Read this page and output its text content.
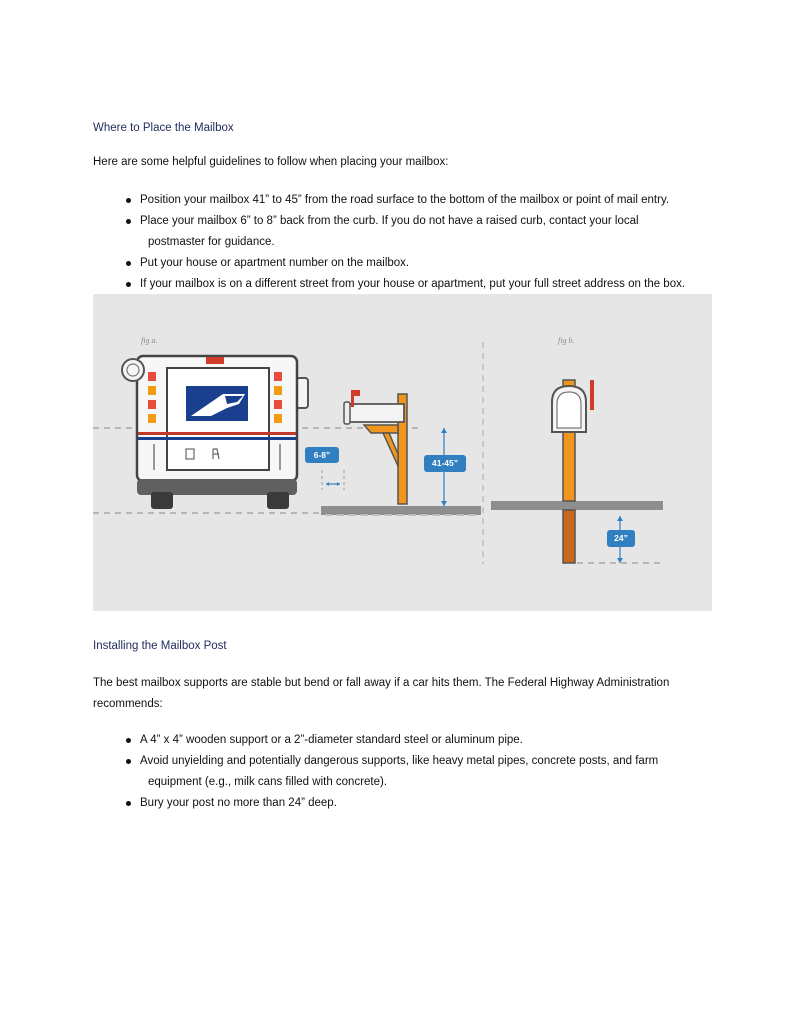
Where to Place the Mailbox
Here are some helpful guidelines to follow when placing your mailbox:
Position your mailbox 41” to 45” from the road surface to the bottom of the mailbox or point of mail entry.
Place your mailbox 6” to 8” back from the curb. If you do not have a raised curb, contact your local
postmaster for guidance.
Put your house or apartment number on the mailbox.
If your mailbox is on a different street from your house or apartment, put your full street address on the box.
fig a.	fig b.
6-8”
41-45”
24”
Installing the Mailbox Post
The best mailbox supports are stable but bend or fall away if a car hits them. The Federal Highway Administration
recommends:
A 4” x 4” wooden support or a 2”-diameter standard steel or aluminum pipe.
Avoid unyielding and potentially dangerous supports, like heavy metal pipes, concrete posts, and farm
equipment (e.g., milk cans filled with concrete).
Bury your post no more than 24” deep.
